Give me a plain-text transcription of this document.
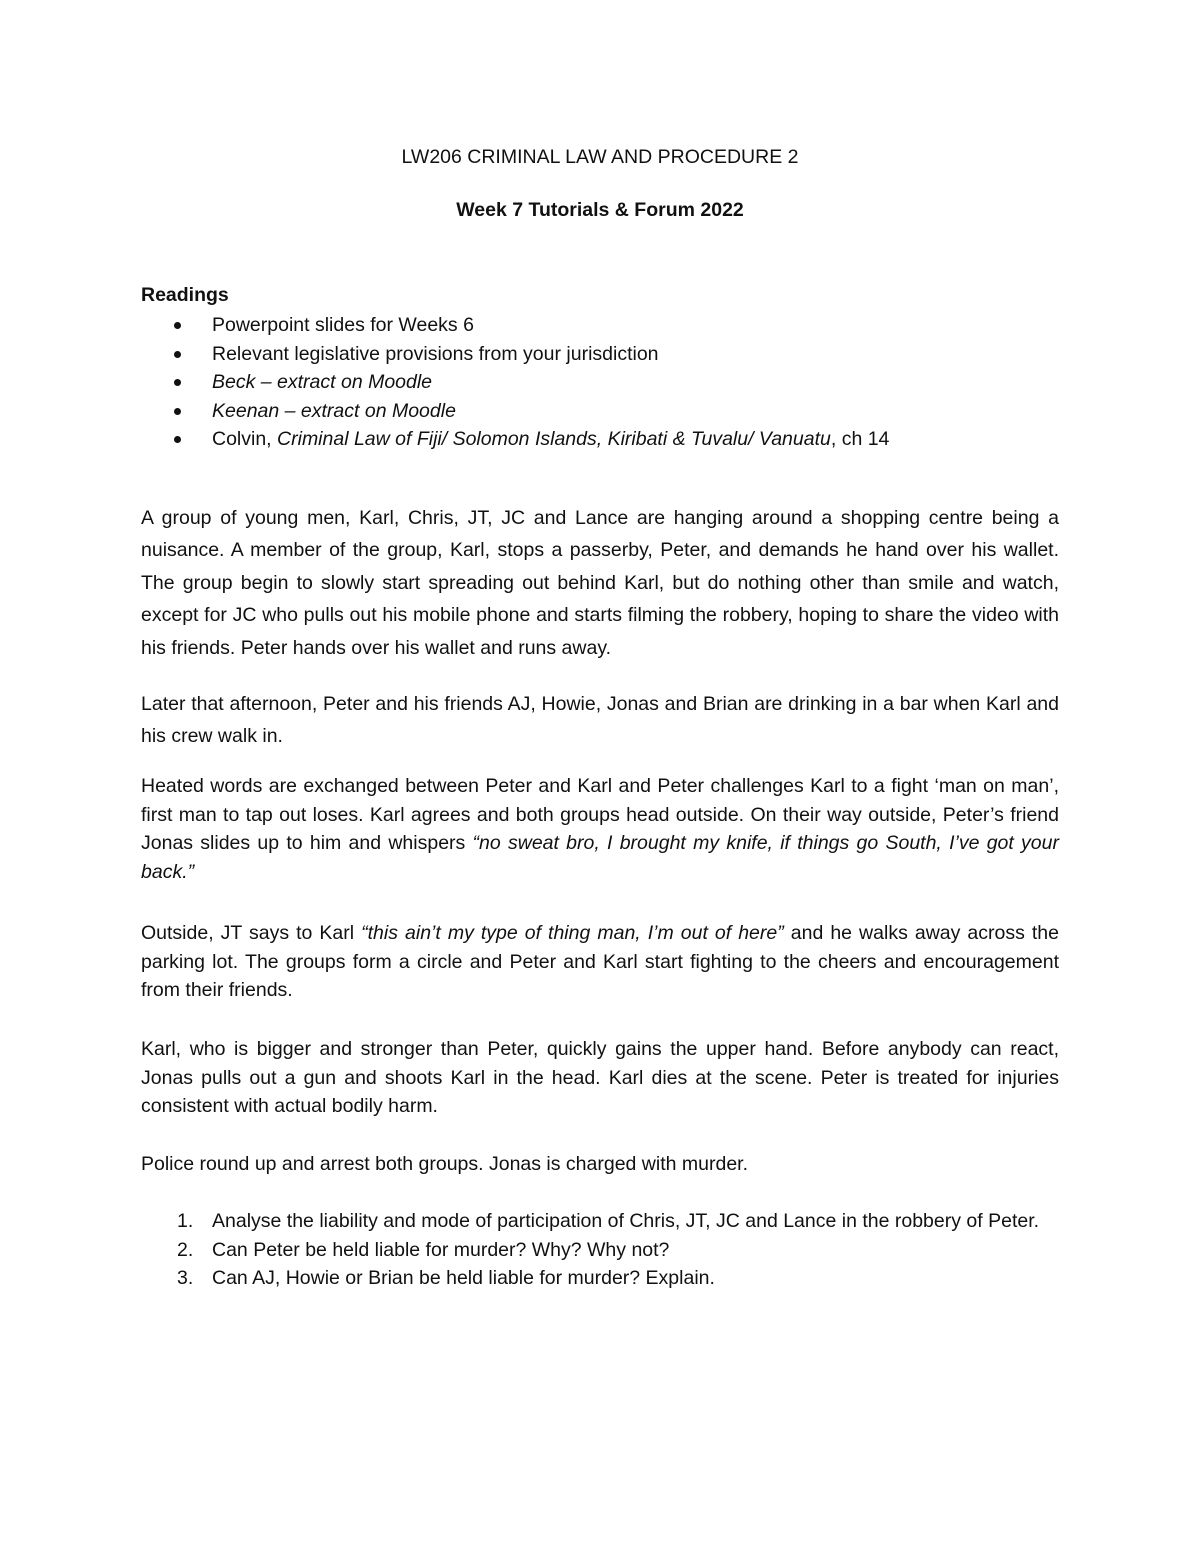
LW206 CRIMINAL LAW AND PROCEDURE 2

Week 7 Tutorials & Forum 2022

Readings

Powerpoint slides for Weeks 6
Relevant legislative provisions from your jurisdiction
Beck – extract on Moodle
Keenan – extract on Moodle
Colvin, Criminal Law of Fiji/ Solomon Islands, Kiribati & Tuvalu/ Vanuatu, ch 14

A group of young men, Karl, Chris, JT, JC and Lance are hanging around a shopping centre being a nuisance. A member of the group, Karl, stops a passerby, Peter, and demands he hand over his wallet. The group begin to slowly start spreading out behind Karl, but do nothing other than smile and watch, except for JC who pulls out his mobile phone and starts filming the robbery, hoping to share the video with his friends. Peter hands over his wallet and runs away.

Later that afternoon, Peter and his friends AJ, Howie, Jonas and Brian are drinking in a bar when Karl and his crew walk in.

Heated words are exchanged between Peter and Karl and Peter challenges Karl to a fight ‘man on man’, first man to tap out loses. Karl agrees and both groups head outside. On their way outside, Peter’s friend Jonas slides up to him and whispers “no sweat bro, I brought my knife, if things go South, I’ve got your back.”

Outside, JT says to Karl “this ain’t my type of thing man, I’m out of here” and he walks away across the parking lot. The groups form a circle and Peter and Karl start fighting to the cheers and encouragement from their friends.

Karl, who is bigger and stronger than Peter, quickly gains the upper hand. Before anybody can react, Jonas pulls out a gun and shoots Karl in the head. Karl dies at the scene. Peter is treated for injuries consistent with actual bodily harm.

Police round up and arrest both groups. Jonas is charged with murder.

1. Analyse the liability and mode of participation of Chris, JT, JC and Lance in the robbery of Peter.
2. Can Peter be held liable for murder? Why? Why not?
3. Can AJ, Howie or Brian be held liable for murder? Explain.
